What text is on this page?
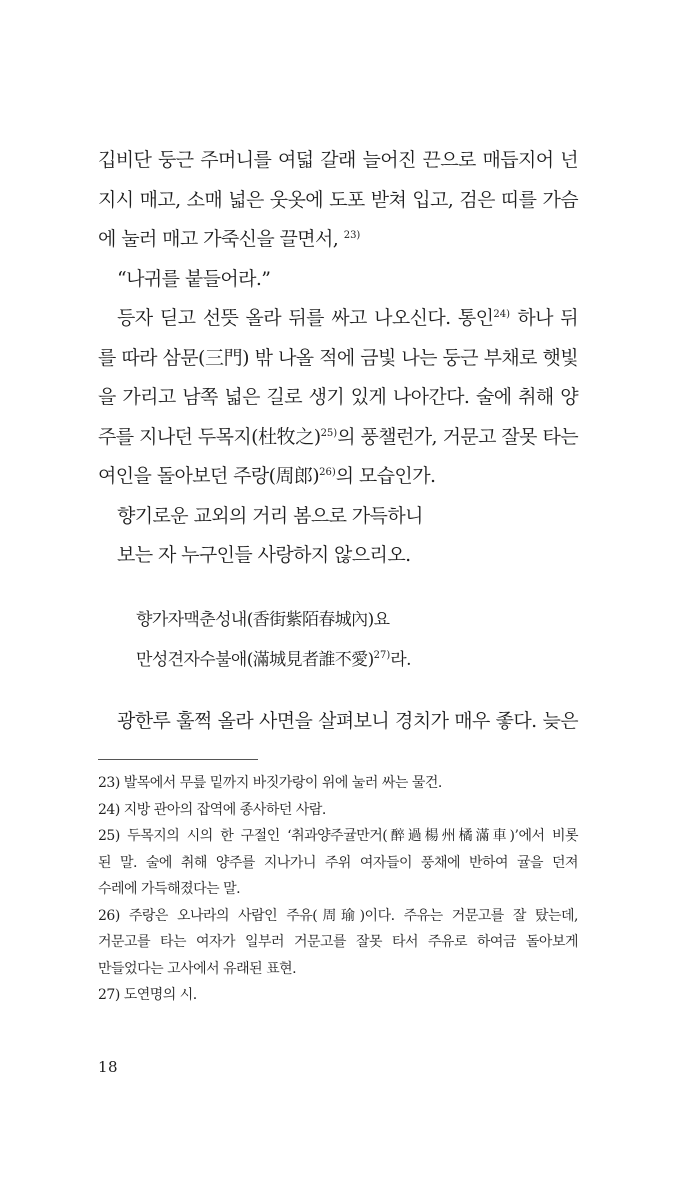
깁비단 둥근 주머니를 여덟 갈래 늘어진 끈으로 매듭지어 넌
지시 매고, 소매 넓은 웃옷에 도포 받쳐 입고, 검은 띠를 가슴
에 눌러 매고 가죽신을 끌면서, $^{23)}$

“나귀를 붙들어라.”

등자 딛고 선뜻 올라 뒤를 싸고 나오신다. 통인$^{24)}$ 하나 뒤
를 따라 삼문(三門) 밖 나올 적에 금빛 나는 둥근 부채로 햇빛
을 가리고 남쪽 넓은 길로 생기 있게 나아간다. 술에 취해 양
주를 지나던 두목지(杜牧之)$^{25)}$의 풍챌런가, 거문고 잘못 타는
여인을 돌아보던 주랑(周郎)$^{26)}$의 모습인가.

향기로운 교외의 거리 봄으로 가득하니
보는 자 누구인들 사랑하지 않으리오.

향가자맥춘성내(香街紫陌春城內)요
만성견자수불애(滿城見者誰不愛)$^{27)}$라.

광한루 훌쩍 올라 사면을 살펴보니 경치가 매우 좋다. 늦은

23) 발목에서 무릎 밑까지 바짓가랑이 위에 눌러 싸는 물건.

24) 지방 관아의 잡역에 종사하던 사람.

25) 두목지의 시의 한 구절인 ‘취과양주귤만거(醉過楊州橘滿車)’에서 비롯
된 말. 술에 취해 양주를 지나가니 주위 여자들이 풍채에 반하여 귤을 던져
수레에 가득해졌다는 말.

26) 주랑은 오나라의 사람인 주유(周瑜)이다. 주유는 거문고를 잘 탔는데,
거문고를 타는 여자가 일부러 거문고를 잘못 타서 주유로 하여금 돌아보게
만들었다는 고사에서 유래된 표현.

27) 도연명의 시.

18
